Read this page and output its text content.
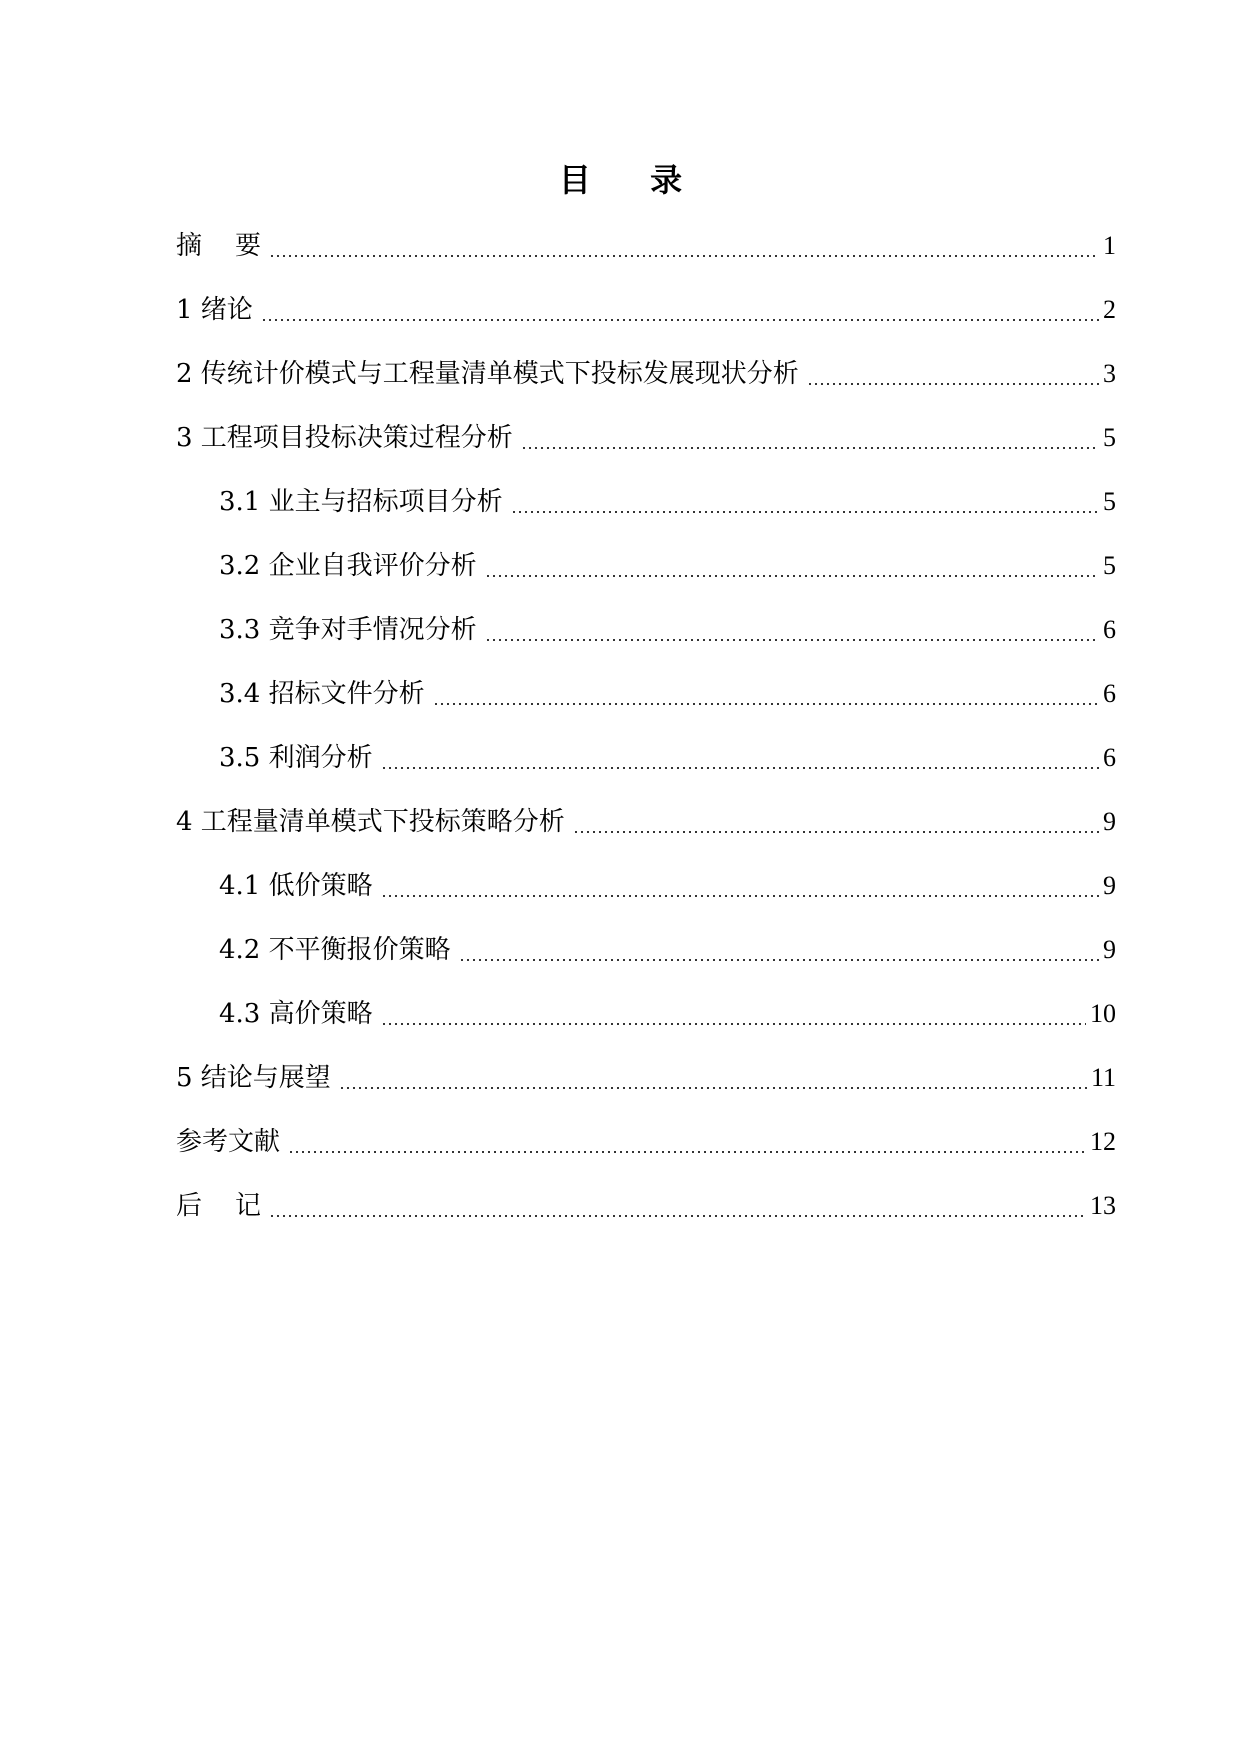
目 录
摘    要	1
1 绪论	2
2 传统计价模式与工程量清单模式下投标发展现状分析	3
3 工程项目投标决策过程分析	5
3.1 业主与招标项目分析	5
3.2 企业自我评价分析	5
3.3 竞争对手情况分析	6
3.4 招标文件分析	6
3.5 利润分析	6
4 工程量清单模式下投标策略分析	9
4.1 低价策略	9
4.2 不平衡报价策略	9
4.3 高价策略	10
5 结论与展望	11
参考文献	12
后    记	13
